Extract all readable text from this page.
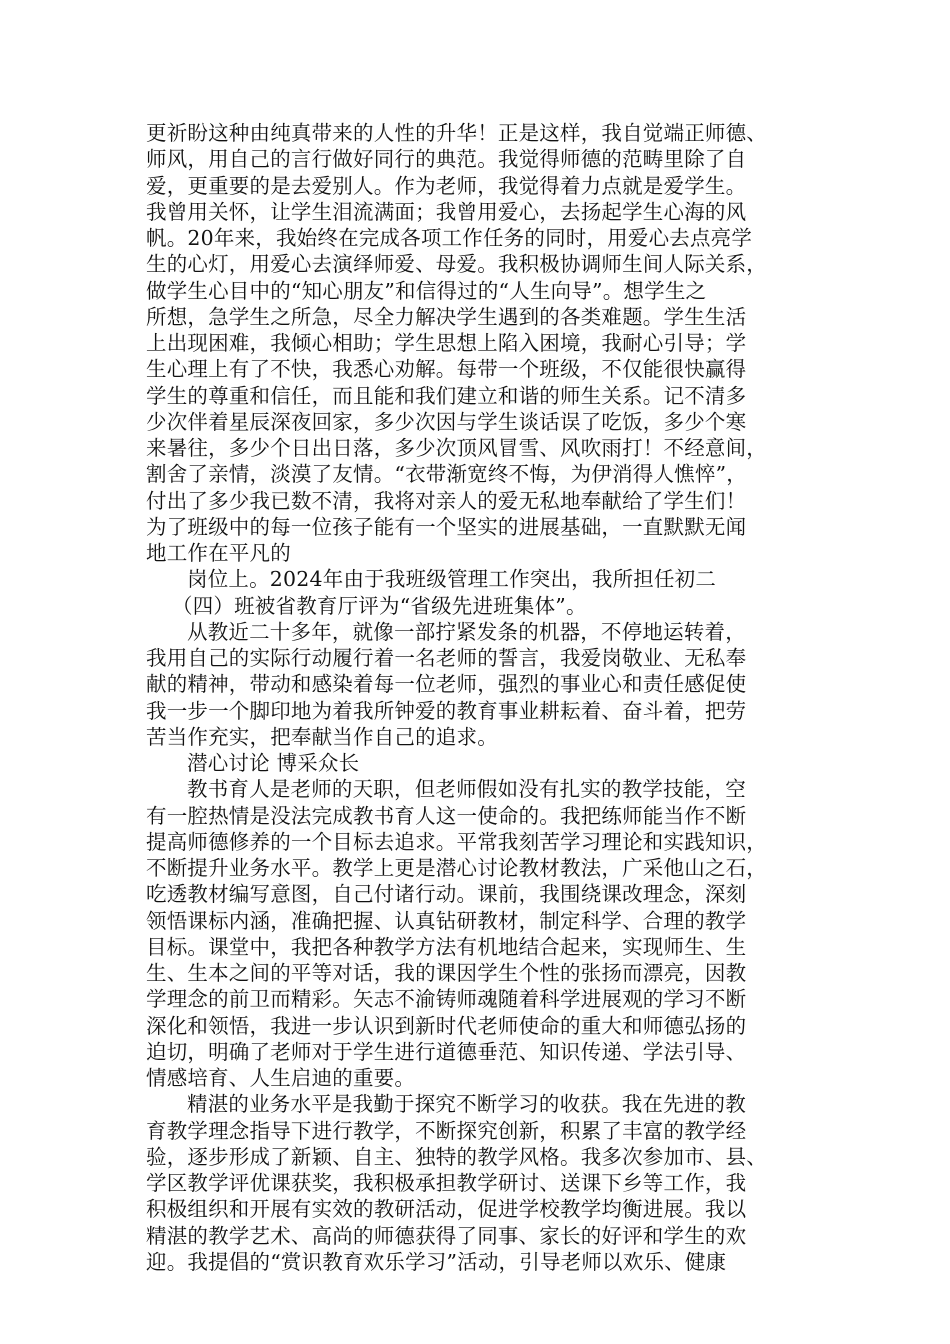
更祈盼这种由纯真带来的人性的升华！正是这样，我自觉端正师德、
师风，用自己的言行做好同行的典范。我觉得师德的范畴里除了自
爱，更重要的是去爱别人。作为老师，我觉得着力点就是爱学生。
我曾用关怀，让学生泪流满面；我曾用爱心，去扬起学生心海的风
帆。20年来，我始终在完成各项工作任务的同时，用爱心去点亮学
生的心灯，用爱心去演绎师爱、母爱。我积极协调师生间人际关系，
做学生心目中的“知心朋友”和信得过的“人生向导”。想学生之
所想，急学生之所急，尽全力解决学生遇到的各类难题。学生生活
上出现困难，我倾心相助；学生思想上陷入困境，我耐心引导；学
生心理上有了不快，我悉心劝解。每带一个班级，不仅能很快赢得
学生的尊重和信任，而且能和我们建立和谐的师生关系。记不清多
少次伴着星辰深夜回家，多少次因与学生谈话误了吃饭，多少个寒
来暑往，多少个日出日落，多少次顶风冒雪、风吹雨打！不经意间，
割舍了亲情，淡漠了友情。“衣带渐宽终不悔，为伊消得人憔悴”，
付出了多少我已数不清，我将对亲人的爱无私地奉献给了学生们！
为了班级中的每一位孩子能有一个坚实的进展基础，一直默默无闻
地工作在平凡的
岗位上。2024年由于我班级管理工作突出，我所担任初二
（四）班被省教育厅评为“省级先进班集体”。
从教近二十多年，就像一部拧紧发条的机器，不停地运转着，
我用自己的实际行动履行着一名老师的誓言，我爱岗敬业、无私奉
献的精神，带动和感染着每一位老师，强烈的事业心和责任感促使
我一步一个脚印地为着我所钟爱的教育事业耕耘着、奋斗着，把劳
苦当作充实，把奉献当作自己的追求。
潜心讨论 博采众长
教书育人是老师的天职，但老师假如没有扎实的教学技能，空
有一腔热情是没法完成教书育人这一使命的。我把练师能当作不断
提高师德修养的一个目标去追求。平常我刻苦学习理论和实践知识，
不断提升业务水平。教学上更是潜心讨论教材教法，广采他山之石，
吃透教材编写意图，自己付诸行动。课前，我围绕课改理念，深刻
领悟课标内涵，准确把握、认真钻研教材，制定科学、合理的教学
目标。课堂中，我把各种教学方法有机地结合起来，实现师生、生
生、生本之间的平等对话，我的课因学生个性的张扬而漂亮，因教
学理念的前卫而精彩。矢志不渝铸师魂随着科学进展观的学习不断
深化和领悟，我进一步认识到新时代老师使命的重大和师德弘扬的
迫切，明确了老师对于学生进行道德垂范、知识传递、学法引导、
情感培育、人生启迪的重要。
精湛的业务水平是我勤于探究不断学习的收获。我在先进的教
育教学理念指导下进行教学，不断探究创新，积累了丰富的教学经
验，逐步形成了新颖、自主、独特的教学风格。我多次参加市、县、
学区教学评优课获奖，我积极承担教学研讨、送课下乡等工作，我
积极组织和开展有实效的教研活动，促进学校教学均衡进展。我以
精湛的教学艺术、高尚的师德获得了同事、家长的好评和学生的欢
迎。我提倡的“赏识教育欢乐学习”活动，引导老师以欢乐、健康
